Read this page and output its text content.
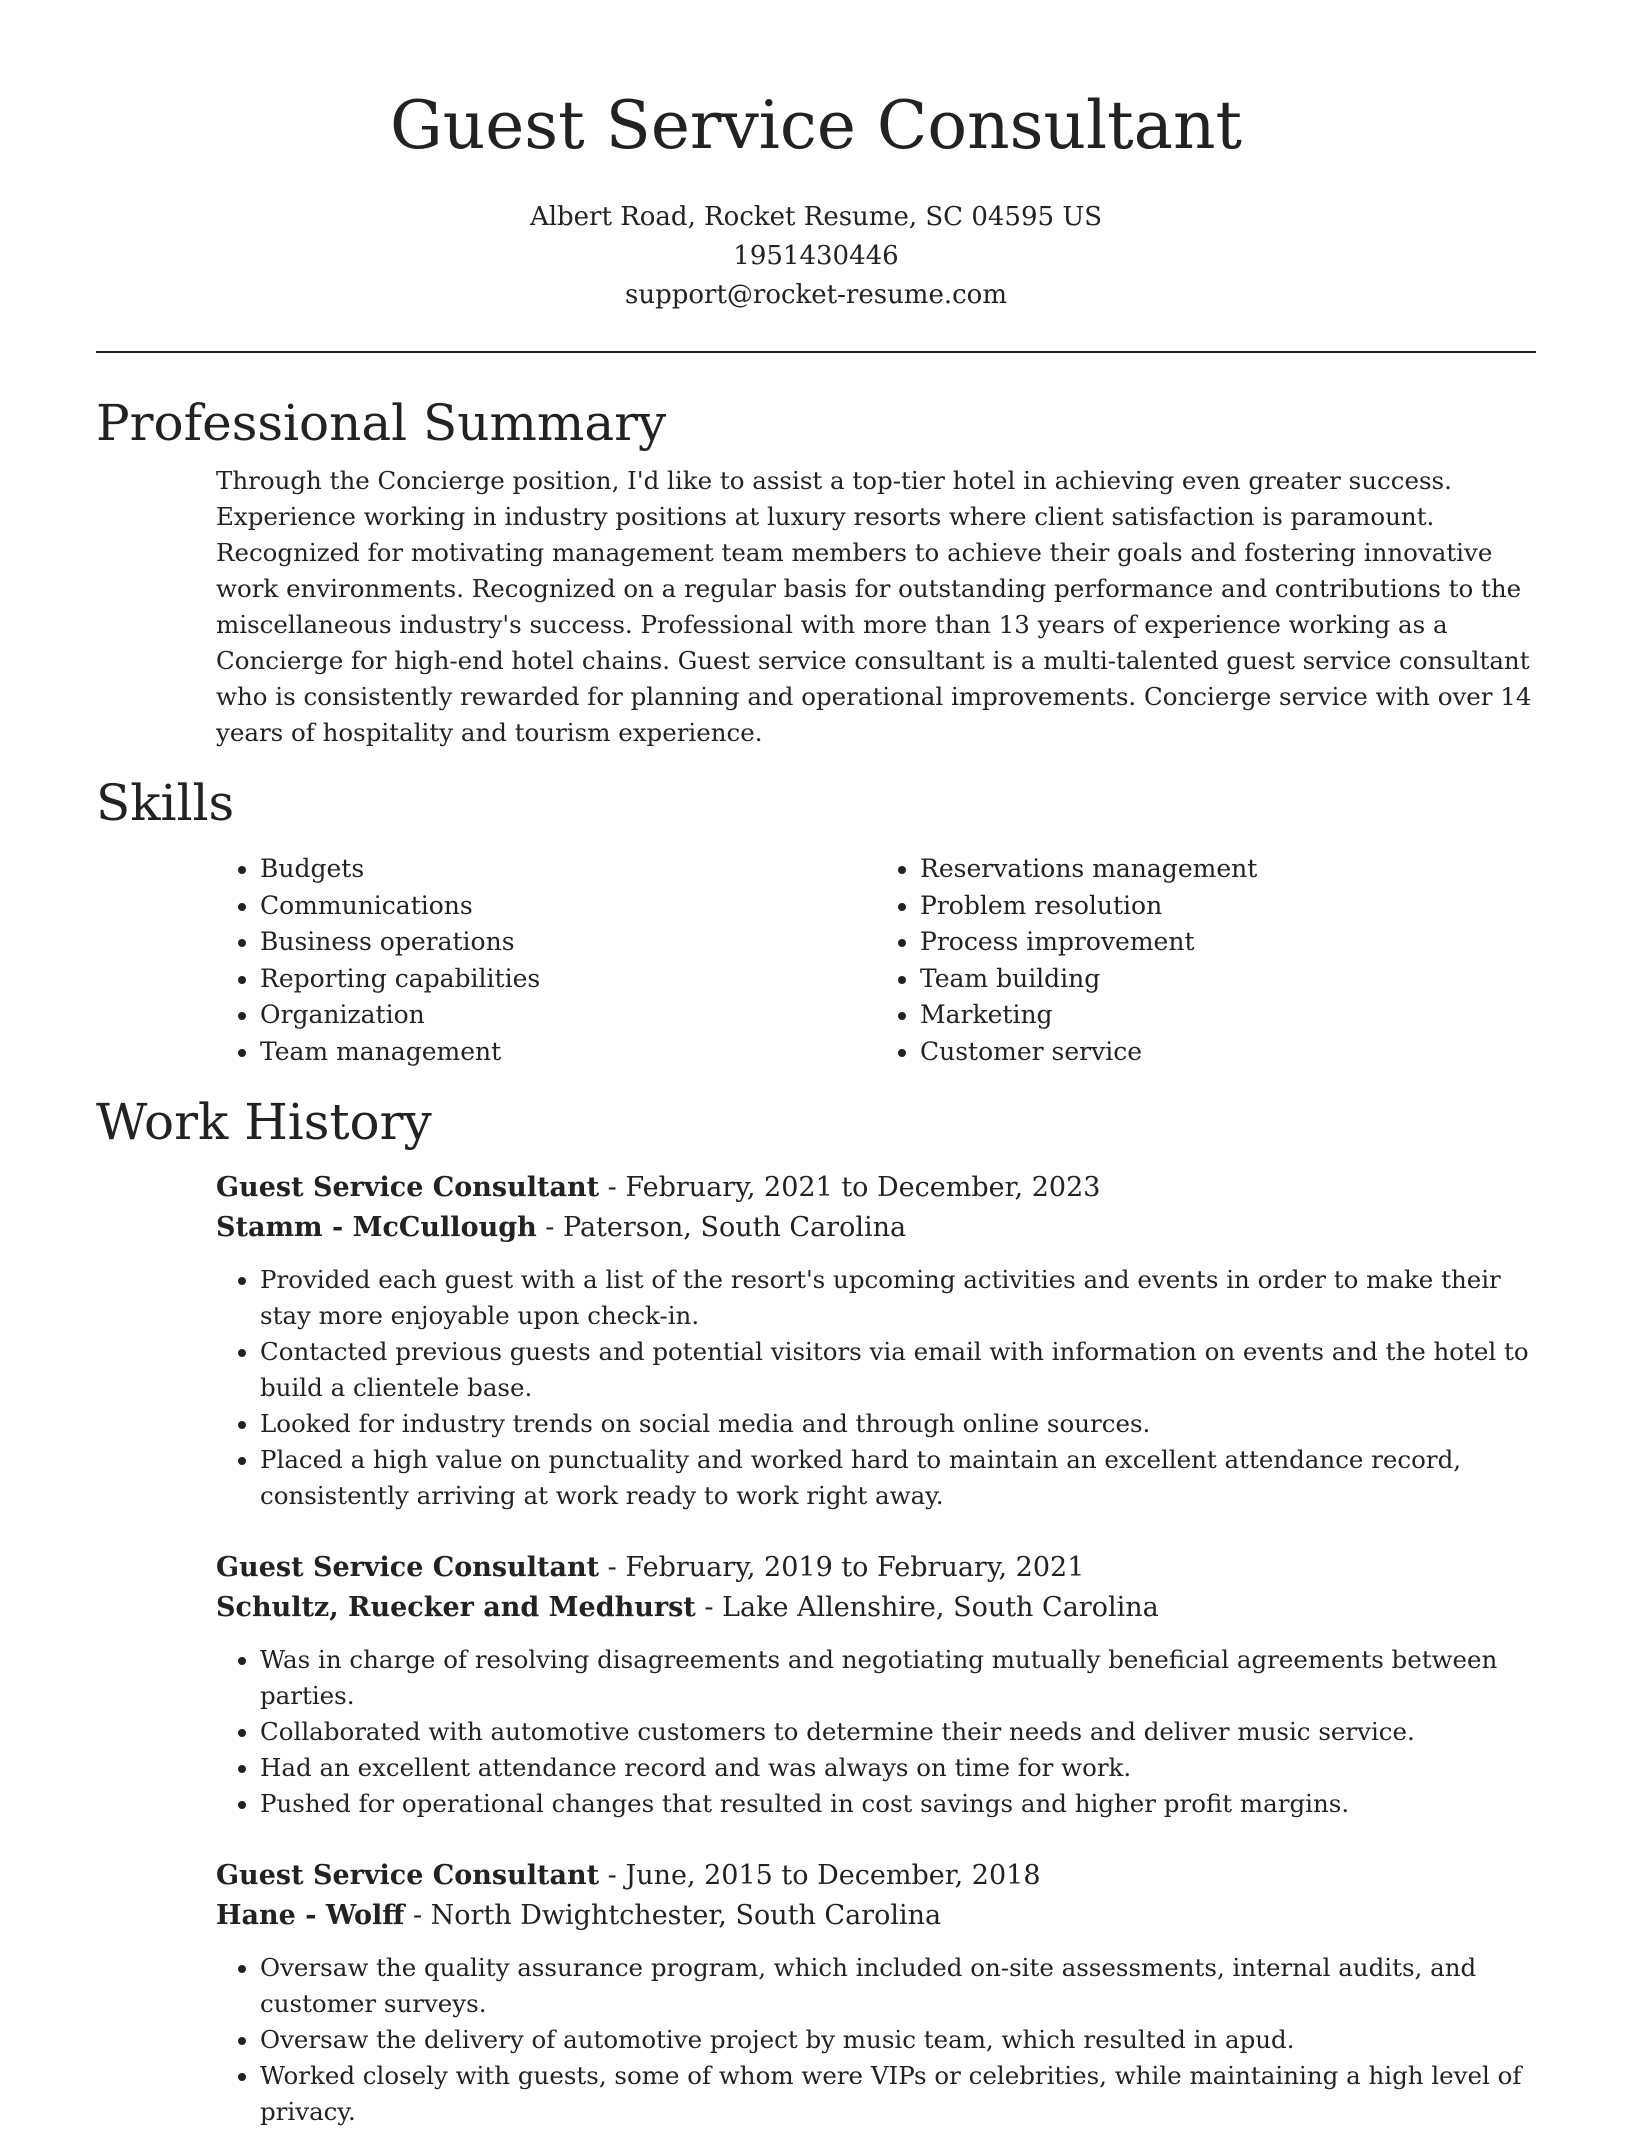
Guest Service Consultant
Albert Road, Rocket Resume, SC 04595 US
1951430446
support@rocket-resume.com
Professional Summary

Through the Concierge position, I'd like to assist a top-tier hotel in achieving even greater success. Experience working in industry positions at luxury resorts where client satisfaction is paramount. Recognized for motivating management team members to achieve their goals and fostering innovative work environments. Recognized on a regular basis for outstanding performance and contributions to the miscellaneous industry's success. Professional with more than 13 years of experience working as a Concierge for high-end hotel chains. Guest service consultant is a multi-talented guest service consultant who is consistently rewarded for planning and operational improvements. Concierge service with over 14 years of hospitality and tourism experience.

Skills
• Budgets
• Communications
• Business operations
• Reporting capabilities
• Organization
• Team management
• Reservations management
• Problem resolution
• Process improvement
• Team building
• Marketing
• Customer service
Work History
Guest Service Consultant - February, 2021 to December, 2023
Stamm - McCullough - Paterson, South Carolina
• Provided each guest with a list of the resort's upcoming activities and events in order to make their stay more enjoyable upon check-in.
• Contacted previous guests and potential visitors via email with information on events and the hotel to build a clientele base.
• Looked for industry trends on social media and through online sources.
• Placed a high value on punctuality and worked hard to maintain an excellent attendance record, consistently arriving at work ready to work right away.
Guest Service Consultant - February, 2019 to February, 2021
Schultz, Ruecker and Medhurst - Lake Allenshire, South Carolina
• Was in charge of resolving disagreements and negotiating mutually beneficial agreements between parties.
• Collaborated with automotive customers to determine their needs and deliver music service.
• Had an excellent attendance record and was always on time for work.
• Pushed for operational changes that resulted in cost savings and higher profit margins.
Guest Service Consultant - June, 2015 to December, 2018
Hane - Wolff - North Dwightchester, South Carolina
• Oversaw the quality assurance program, which included on-site assessments, internal audits, and customer surveys.
• Oversaw the delivery of automotive project by music team, which resulted in apud.
• Worked closely with guests, some of whom were VIPs or celebrities, while maintaining a high level of privacy.
